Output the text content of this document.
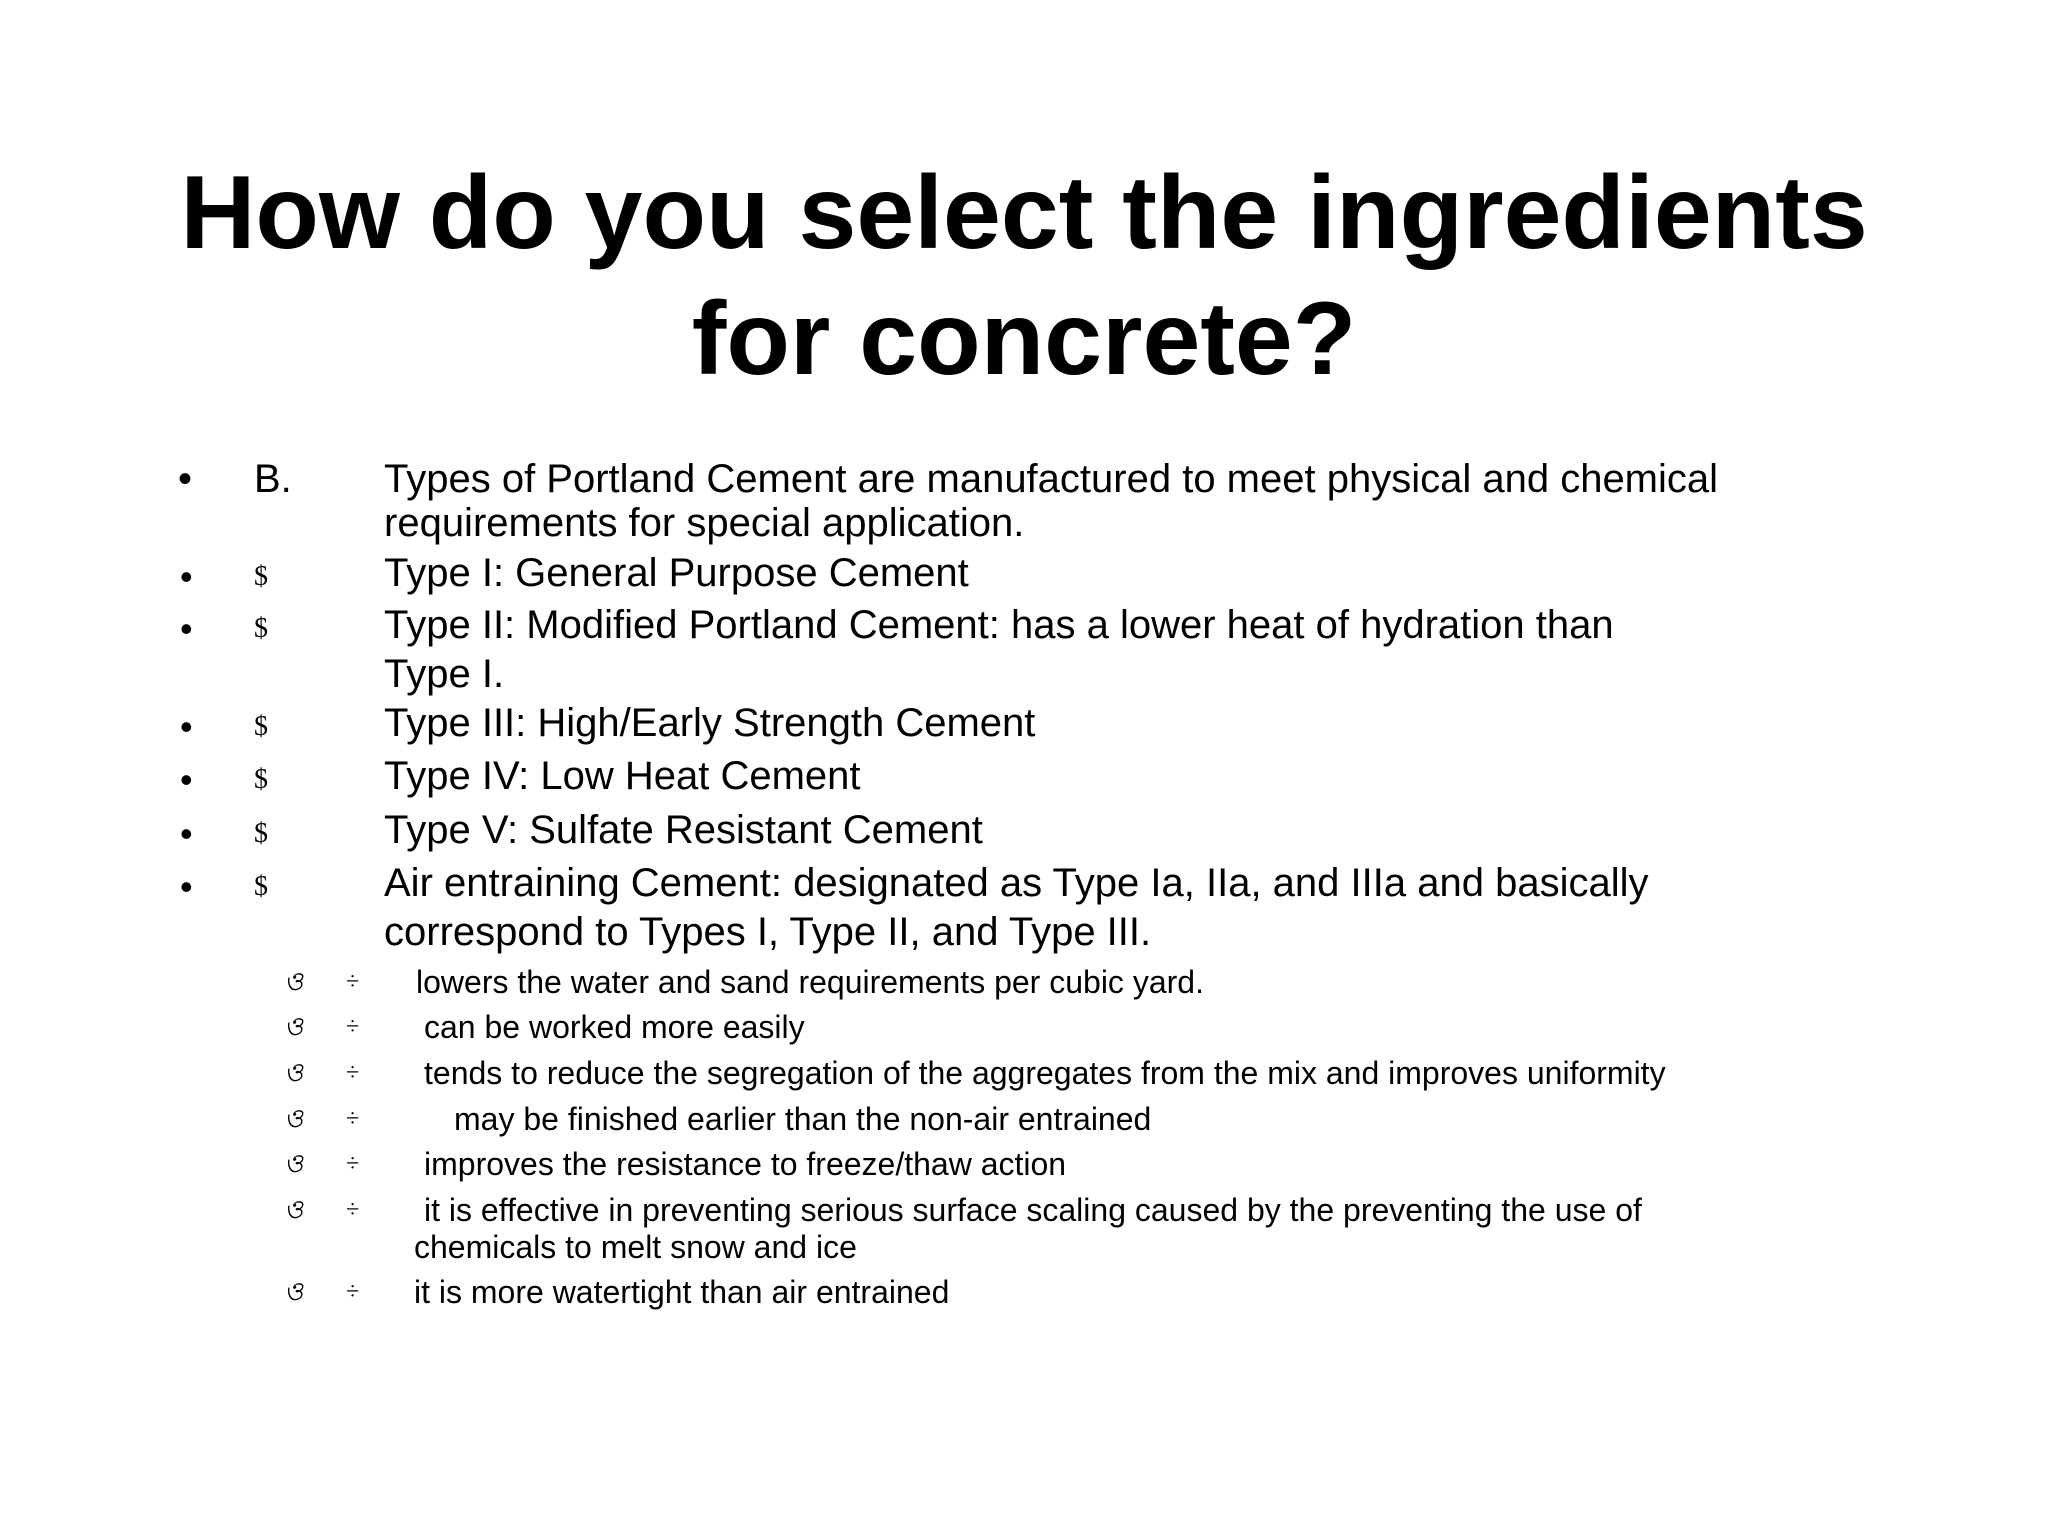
How do you select the ingredients
for concrete?
• B. Types of Portland Cement are manufactured to meet physical and chemical
requirements for special application.
• $	Type I: General Purpose Cement
• $	Type II: Modified Portland Cement: has a lower heat of hydration than
Type I.
• $	Type III: High/Early Strength Cement
• $	Type IV: Low Heat Cement
• $	Type V: Sulfate Resistant Cement
• $	Air entraining Cement: designated as Type Ia, IIa, and IIIa and basically
correspond to Types I, Type II, and Type III.
ও ÷ lowers the water and sand requirements per cubic yard.
ও ÷ can be worked more easily
ও ÷ tends to reduce the segregation of the aggregates from the mix and improves uniformity
ও ÷	may be finished earlier than the non-air entrained
ও ÷ improves the resistance to freeze/thaw action
ও ÷ it is effective in preventing serious surface scaling caused by the preventing the use of
chemicals to melt snow and ice
ও ÷ it is more watertight than air entrained
